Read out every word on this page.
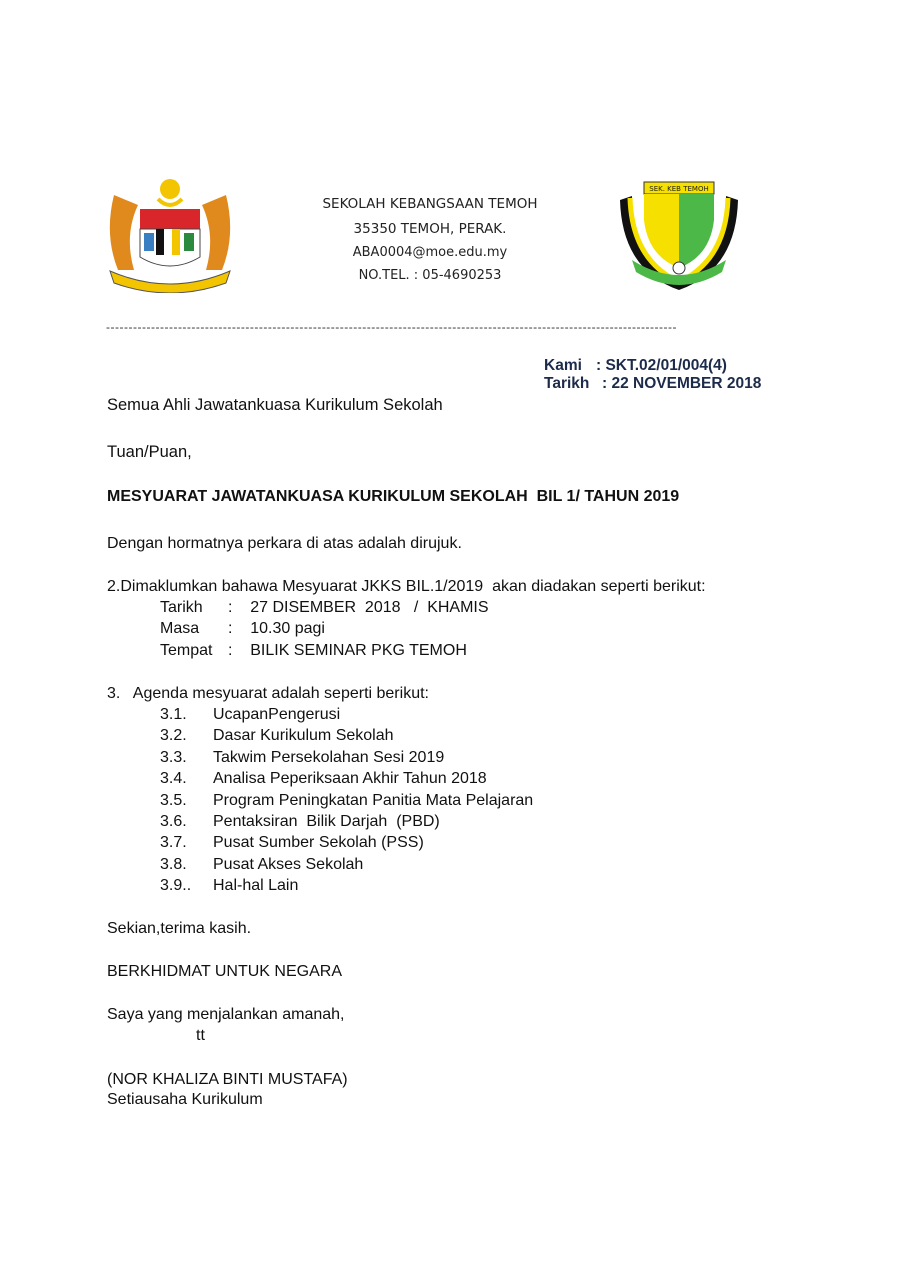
SEKOLAH KEBANGSAAN TEMOH
35350 TEMOH, PERAK.
ABA0004@moe.edu.my
NO.TEL. : 05-4690253
SEK. KEB TEMOH
-------------------------------------------------------------------------------------------------------------------------------
Kami : SKT.02/01/004(4)
Tarikh : 22 NOVEMBER 2018
Semua Ahli Jawatankuasa Kurikulum Sekolah
Tuan/Puan,
MESYUARAT JAWATANKUASA KURIKULUM SEKOLAH  BIL 1/ TAHUN 2019
Dengan hormatnya perkara di atas adalah dirujuk.
2.Dimaklumkan bahawa Mesyuarat JKKS BIL.1/2019  akan diadakan seperti berikut:
Tarikh :    27 DISEMBER  2018   /  KHAMIS
Masa :    10.30 pagi
Tempat :    BILIK SEMINAR PKG TEMOH
3.   Agenda mesyuarat adalah seperti berikut:
3.1. UcapanPengerusi
3.2. Dasar Kurikulum Sekolah
3.3. Takwim Persekolahan Sesi 2019
3.4. Analisa Peperiksaan Akhir Tahun 2018
3.5. Program Peningkatan Panitia Mata Pelajaran
3.6. Pentaksiran  Bilik Darjah  (PBD)
3.7. Pusat Sumber Sekolah (PSS)
3.8. Pusat Akses Sekolah
3.9.. Hal-hal Lain
Sekian,terima kasih.
BERKHIDMAT UNTUK NEGARA
Saya yang menjalankan amanah,
tt
(NOR KHALIZA BINTI MUSTAFA)
Setiausaha Kurikulum
